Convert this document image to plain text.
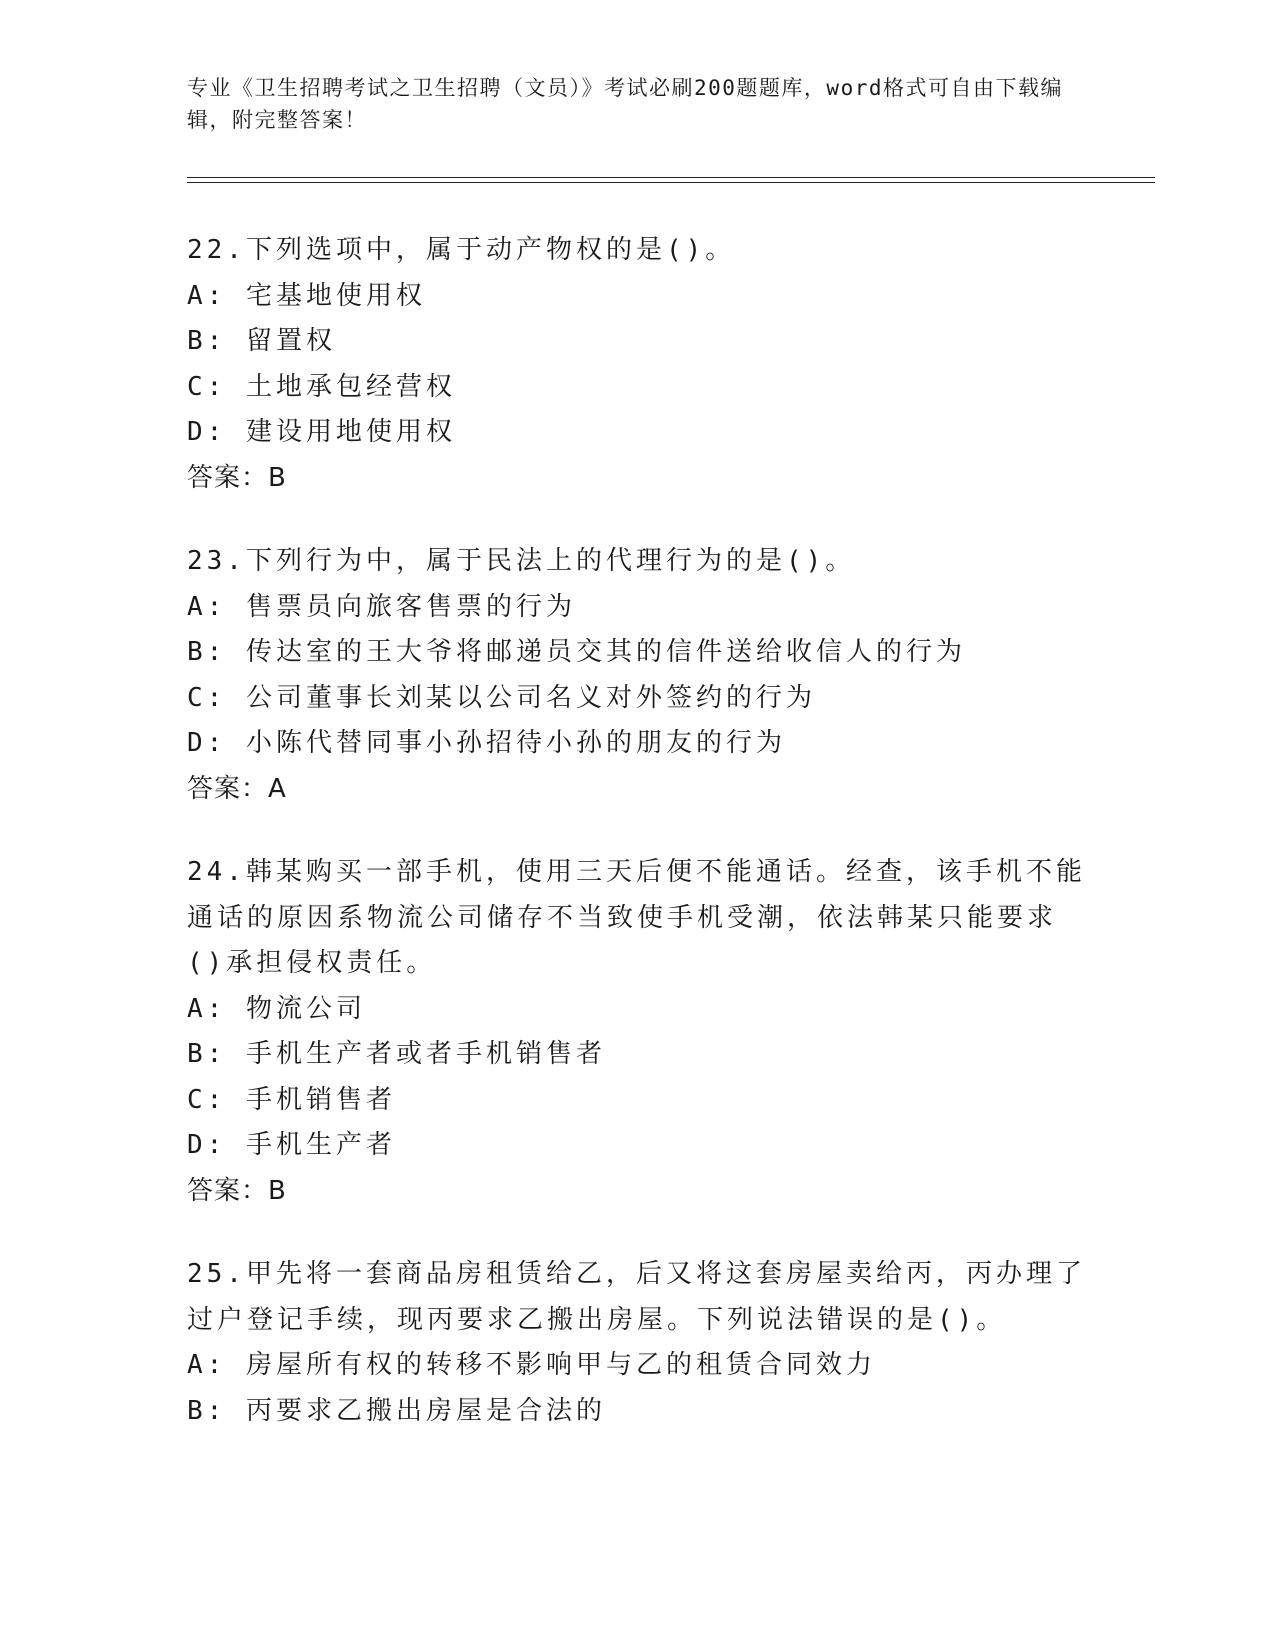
专业《卫生招聘考试之卫生招聘（文员）》考试必刷200题题库，word格式可自由下载编辑，附完整答案！

22.下列选项中，属于动产物权的是()。

A: 宅基地使用权

B: 留置权

C: 土地承包经营权

D: 建设用地使用权

答案：B

23.下列行为中，属于民法上的代理行为的是()。

A: 售票员向旅客售票的行为

B: 传达室的王大爷将邮递员交其的信件送给收信人的行为

C: 公司董事长刘某以公司名义对外签约的行为

D: 小陈代替同事小孙招待小孙的朋友的行为

答案：A

24.韩某购买一部手机，使用三天后便不能通话。经查，该手机不能通话的原因系物流公司储存不当致使手机受潮，依法韩某只能要求()承担侵权责任。

A: 物流公司

B: 手机生产者或者手机销售者

C: 手机销售者

D: 手机生产者

答案：B

25.甲先将一套商品房租赁给乙，后又将这套房屋卖给丙，丙办理了过户登记手续，现丙要求乙搬出房屋。下列说法错误的是()。

A: 房屋所有权的转移不影响甲与乙的租赁合同效力

B: 丙要求乙搬出房屋是合法的
